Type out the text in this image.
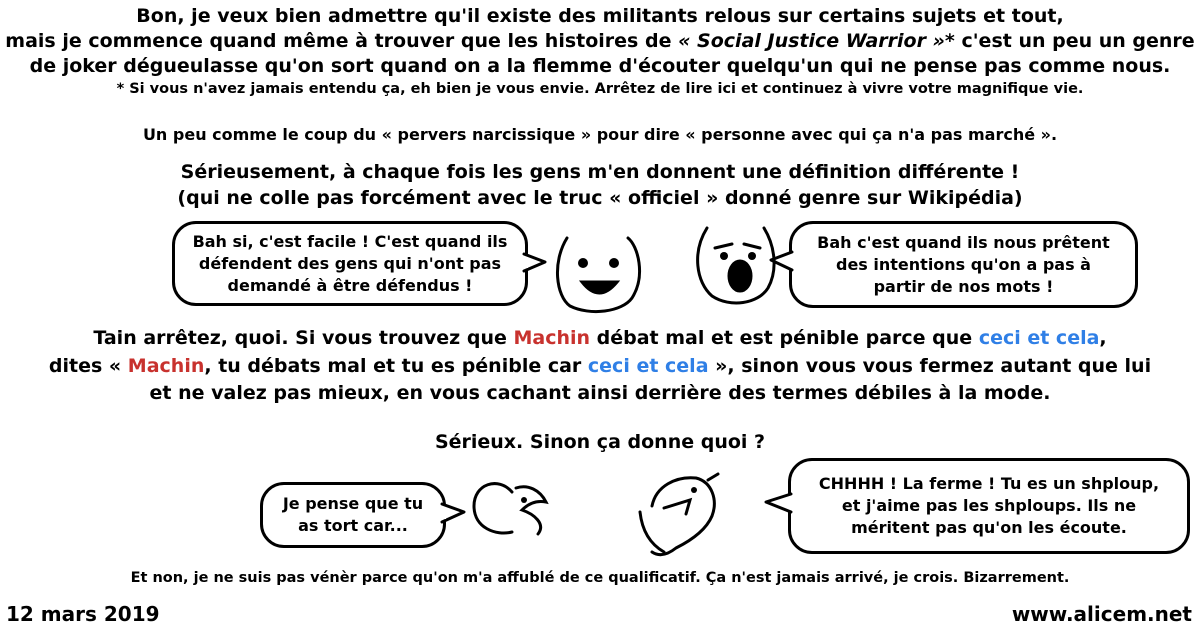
Bon, je veux bien admettre qu'il existe des militants relous sur certains sujets et tout,
mais je commence quand même à trouver que les histoires de « Social Justice Warrior »* c'est un peu un genre
de joker dégueulasse qu'on sort quand on a la flemme d'écouter quelqu'un qui ne pense pas comme nous.
* Si vous n'avez jamais entendu ça, eh bien je vous envie. Arrêtez de lire ici et continuez à vivre votre magnifique vie.
Un peu comme le coup du « pervers narcissique » pour dire « personne avec qui ça n'a pas marché ».
Sérieusement, à chaque fois les gens m'en donnent une définition différente !
(qui ne colle pas forcément avec le truc « officiel » donné genre sur Wikipédia)
Bah si, c'est facile ! C'est quand ils
défendent des gens qui n'ont pas
demandé à être défendus !
Bah c'est quand ils nous prêtent
des intentions qu'on a pas à
partir de nos mots !
Tain arrêtez, quoi. Si vous trouvez que Machin débat mal et est pénible parce que ceci et cela,
dites « Machin, tu débats mal et tu es pénible car ceci et cela », sinon vous vous fermez autant que lui
et ne valez pas mieux, en vous cachant ainsi derrière des termes débiles à la mode.
Sérieux. Sinon ça donne quoi ?
Je pense que tu
as tort car...
CHHHH ! La ferme ! Tu es un shploup,
et j'aime pas les shploups. Ils ne
méritent pas qu'on les écoute.
Et non, je ne suis pas vénèr parce qu'on m'a affublé de ce qualificatif. Ça n'est jamais arrivé, je crois. Bizarrement.
12 mars 2019	www.alicem.net
